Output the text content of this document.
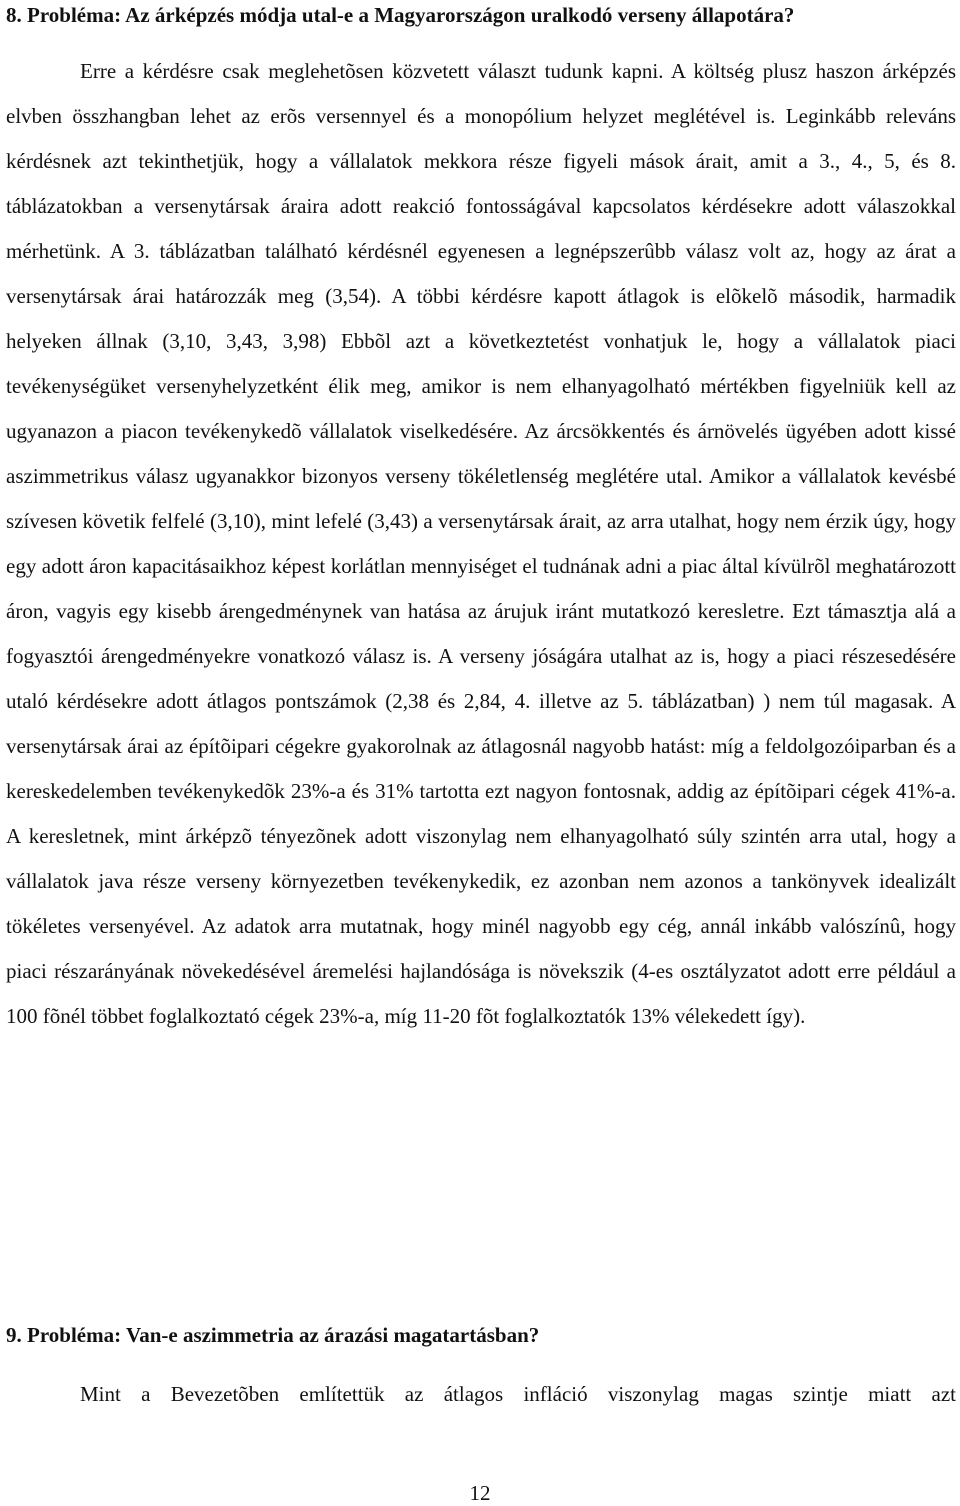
8. Probléma: Az árképzés módja utal-e a Magyarországon uralkodó verseny állapotára?
Erre a kérdésre csak meglehetõsen közvetett választ tudunk kapni. A költség plusz haszon árképzés elvben összhangban lehet az erõs versennyel és a monopólium helyzet meglétével is. Leginkább releváns kérdésnek azt tekinthetjük, hogy a vállalatok mekkora része figyeli mások árait, amit a 3., 4., 5, és 8. táblázatokban a versenytársak áraira adott reakció fontosságával kapcsolatos kérdésekre adott válaszokkal mérhetünk. A 3. táblázatban található kérdésnél egyenesen a legnépszerûbb válasz volt az, hogy az árat a versenytársak árai határozzák meg (3,54). A többi kérdésre kapott átlagok is elõkelõ második, harmadik helyeken állnak (3,10, 3,43, 3,98) Ebbõl azt a következtetést vonhatjuk le, hogy a vállalatok piaci tevékenységüket versenyhelyzetként élik meg, amikor is nem elhanyagolható mértékben figyelniük kell az ugyanazon a piacon tevékenykedõ vállalatok viselkedésére. Az árcsökkentés és árnövelés ügyében adott kissé aszimmetrikus válasz ugyanakkor bizonyos verseny tökéletlenség meglétére utal. Amikor a vállalatok kevésbé szívesen követik felfelé (3,10), mint lefelé (3,43) a versenytársak árait, az arra utalhat, hogy nem érzik úgy, hogy egy adott áron kapacitásaikhoz képest korlátlan mennyiséget el tudnának adni a piac által kívülrõl meghatározott áron, vagyis egy kisebb árengedménynek van hatása az árujuk iránt mutatkozó keresletre. Ezt támasztja alá a fogyasztói árengedményekre vonatkozó válasz is. A verseny jóságára utalhat az is, hogy a piaci részesedésére utaló kérdésekre adott átlagos pontszámok (2,38 és 2,84, 4. illetve az 5. táblázatban) ) nem túl magasak. A versenytársak árai az építõipari cégekre gyakorolnak az átlagosnál nagyobb hatást: míg a feldolgozóiparban és a kereskedelemben tevékenykedõk 23%-a és 31% tartotta ezt nagyon fontosnak, addig az építõipari cégek 41%-a. A keresletnek, mint árképzõ tényezõnek adott viszonylag nem elhanyagolható súly szintén arra utal, hogy a vállalatok java része verseny környezetben tevékenykedik, ez azonban nem azonos a tankönyvek idealizált tökéletes versenyével. Az adatok arra mutatnak, hogy minél nagyobb egy cég, annál inkább valószínû, hogy piaci részarányának növekedésével áremelési hajlandósága is növekszik (4-es osztályzatot adott erre például a 100 fõnél többet foglalkoztató cégek 23%-a, míg 11-20 fõt foglalkoztatók 13% vélekedett így).
9. Probléma: Van-e aszimmetria az árazási magatartásban?
Mint a Bevezetõben említettük az átlagos infláció viszonylag magas szintje miatt azt
12
